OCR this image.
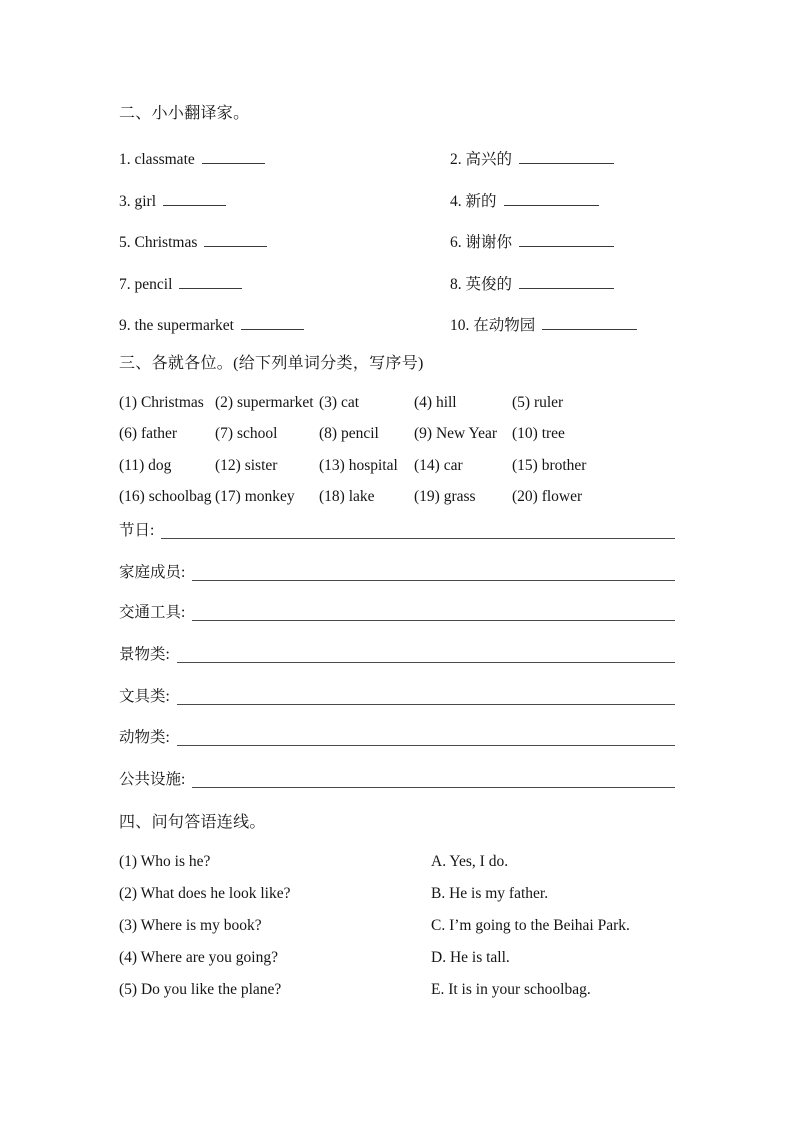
二、小小翻译家。
1. classmate	2. 高兴的
3. girl	4. 新的
5. Christmas	6. 谢谢你
7. pencil	8. 英俊的
9. the supermarket	10. 在动物园
三、各就各位。(给下列单词分类，写序号)
(1) Christmas (2) supermarket (3) cat	(4) hill	(5) ruler
(6) father	(7) school	(8) pencil	(9) New Year (10) tree
(11) dog	(12) sister	(13) hospital	(14) car	(15) brother
(16) schoolbag (17) monkey	(18) lake	(19) grass	(20) flower
节日:
家庭成员:
交通工具:
景物类:
文具类:
动物类:
公共设施:
四、问句答语连线。
(1) Who is he?	A. Yes, I do.
(2) What does he look like?	B. He is my father.
(3) Where is my book?	C. I’m going to the Beihai Park.
(4) Where are you going?	D. He is tall.
(5) Do you like the plane?	E. It is in your schoolbag.
